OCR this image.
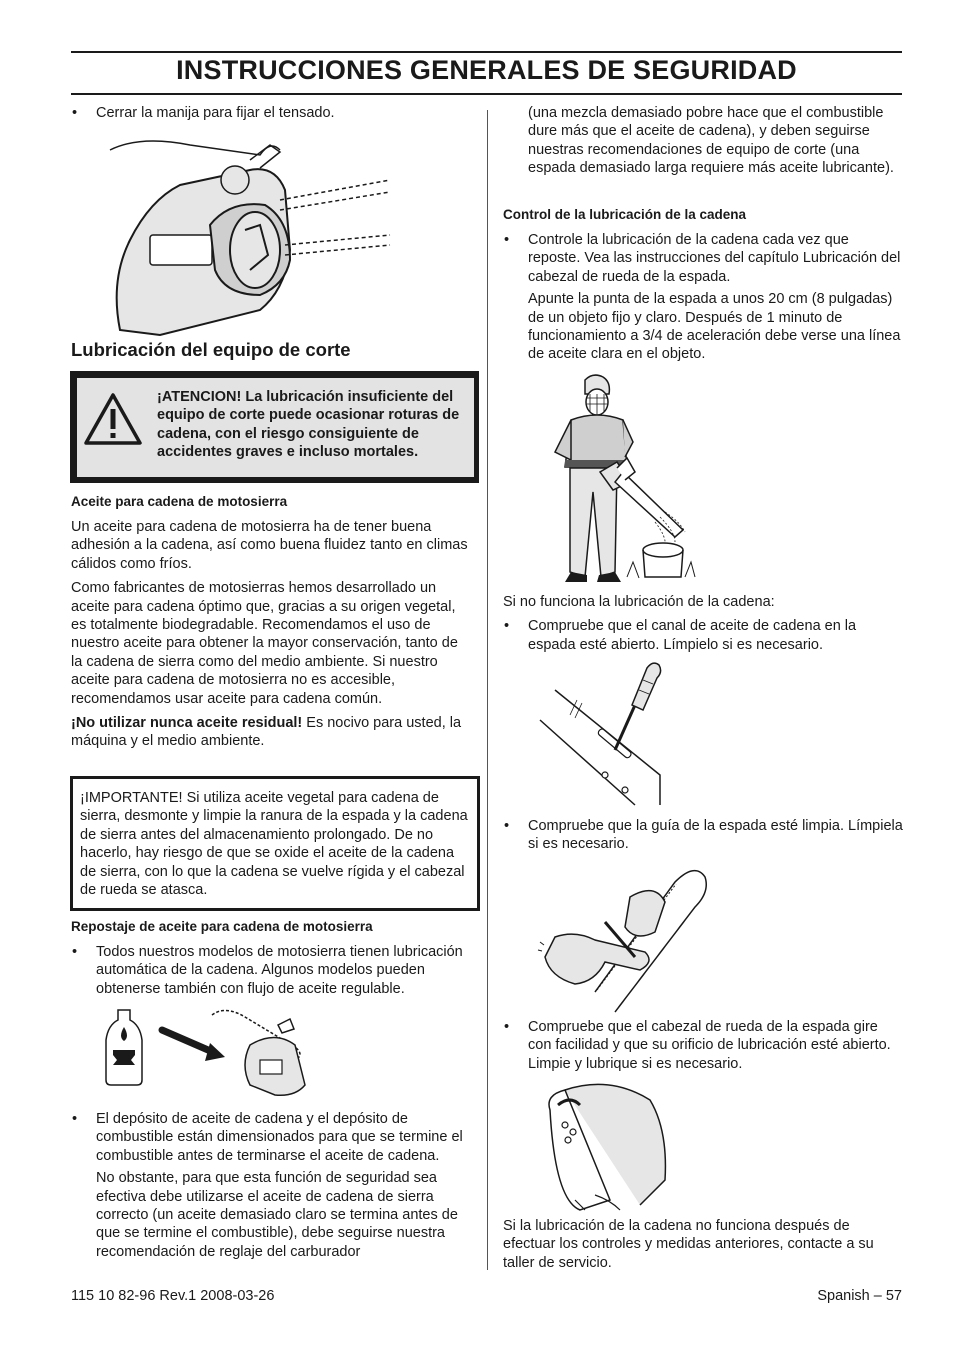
INSTRUCCIONES GENERALES DE SEGURIDAD

• Cerrar la manija para fijar el tensado.

Lubricación del equipo de corte
¡ATENCION! La lubricación insuficiente del equipo de corte puede ocasionar roturas de cadena, con el riesgo consiguiente de accidentes graves e incluso mortales.
Aceite para cadena de motosierra

Un aceite para cadena de motosierra ha de tener buena adhesión a la cadena, así como buena fluidez tanto en climas cálidos como fríos.

Como fabricantes de motosierras hemos desarrollado un aceite para cadena óptimo que, gracias a su origen vegetal, es totalmente biodegradable. Recomendamos el uso de nuestro aceite para obtener la mayor conservación, tanto de la cadena de sierra como del medio ambiente. Si nuestro aceite para cadena de motosierra no es accesible, recomendamos usar aceite para cadena común.

¡No utilizar nunca aceite residual! Es nocivo para usted, la máquina y el medio ambiente.

¡IMPORTANTE! Si utiliza aceite vegetal para cadena de sierra, desmonte y limpie la ranura de la espada y la cadena de sierra antes del almacenamiento prolongado. De no hacerlo, hay riesgo de que se oxide el aceite de la cadena de sierra, con lo que la cadena se vuelve rígida y el cabezal de rueda se atasca.
Repostaje de aceite para cadena de motosierra

• Todos nuestros modelos de motosierra tienen lubricación automática de la cadena. Algunos modelos pueden obtenerse también con flujo de aceite regulable.

• El depósito de aceite de cadena y el depósito de combustible están dimensionados para que se termine el combustible antes de terminarse el aceite de cadena.

No obstante, para que esta función de seguridad sea efectiva debe utilizarse el aceite de cadena de sierra correcto (un aceite demasiado claro se termina antes de que se termine el combustible), debe seguirse nuestra recomendación de reglaje del carburador

(una mezcla demasiado pobre hace que el combustible dure más que el aceite de cadena), y deben seguirse nuestras recomendaciones de equipo de corte (una espada demasiado larga requiere más aceite lubricante).

Control de la lubricación de la cadena

• Controle la lubricación de la cadena cada vez que reposte. Vea las instrucciones del capítulo Lubricación del cabezal de rueda de la espada.

Apunte la punta de la espada a unos 20 cm (8 pulgadas) de un objeto fijo y claro. Después de 1 minuto de funcionamiento a 3/4 de aceleración debe verse una línea de aceite clara en el objeto.

Si no funciona la lubricación de la cadena:

• Compruebe que el canal de aceite de cadena en la espada esté abierto. Límpielo si es necesario.

• Compruebe que la guía de la espada esté limpia. Límpiela si es necesario.

• Compruebe que el cabezal de rueda de la espada gire con facilidad y que su orificio de lubricación esté abierto. Limpie y lubrique si es necesario.

Si la lubricación de la cadena no funciona después de efectuar los controles y medidas anteriores, contacte a su taller de servicio.

115 10 82-96 Rev.1 2008-03-26	Spanish – 57
